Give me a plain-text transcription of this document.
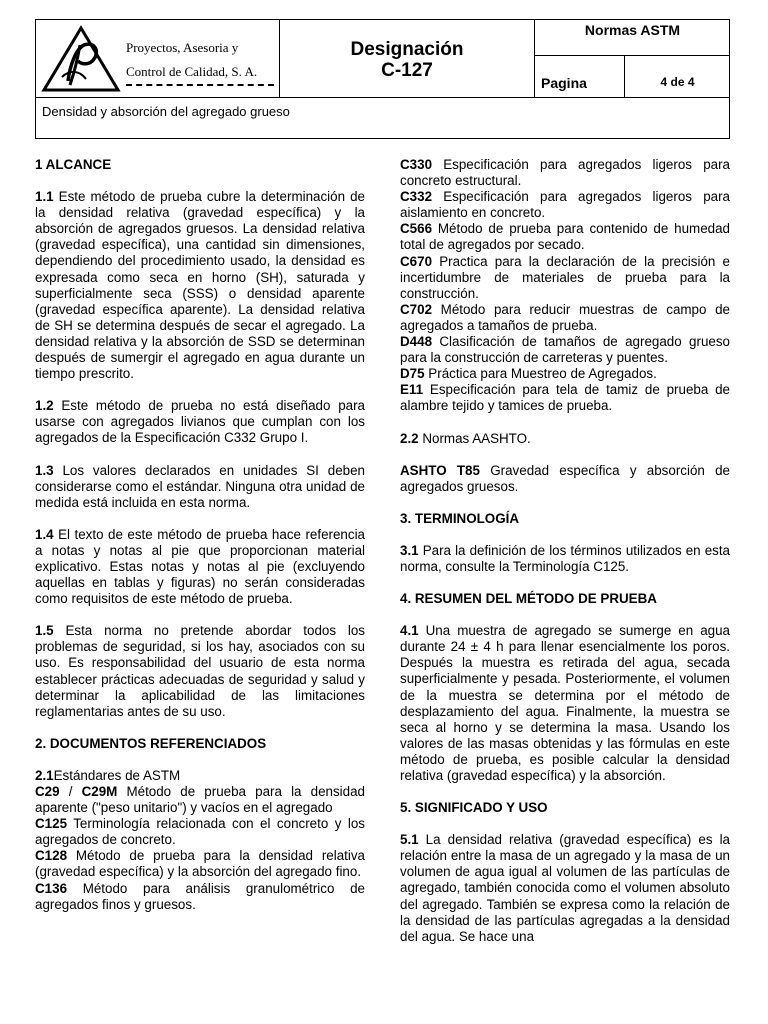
Proyectos, Asesoria y
Control de Calidad, S. A.
Designación
C-127
Normas ASTM
Pagina	4 de 4
Densidad y absorción del agregado grueso
1 ALCANCE

1.1 Este método de prueba cubre la determinación de la densidad relativa (gravedad específica) y la absorción de agregados gruesos. La densidad relativa (gravedad específica), una cantidad sin dimensiones, dependiendo del procedimiento usado, la densidad es expresada como seca en horno (SH), saturada y superficialmente seca (SSS) o densidad aparente (gravedad específica aparente). La densidad relativa de SH se determina después de secar el agregado. La densidad relativa y la absorción de SSD se determinan después de sumergir el agregado en agua durante un tiempo prescrito.

1.2 Este método de prueba no está diseñado para usarse con agregados livianos que cumplan con los agregados de la Especificación C332 Grupo I.

1.3 Los valores declarados en unidades SI deben considerarse como el estándar. Ninguna otra unidad de medida está incluida en esta norma.

1.4 El texto de este método de prueba hace referencia a notas y notas al pie que proporcionan material explicativo. Estas notas y notas al pie (excluyendo aquellas en tablas y figuras) no serán consideradas como requisitos de este método de prueba.

1.5 Esta norma no pretende abordar todos los problemas de seguridad, si los hay, asociados con su uso. Es responsabilidad del usuario de esta norma establecer prácticas adecuadas de seguridad y salud y determinar la aplicabilidad de las limitaciones reglamentarias antes de su uso.

2. DOCUMENTOS REFERENCIADOS

2.1Estándares de ASTM

C29 / C29M Método de prueba para la densidad aparente ("peso unitario") y vacíos en el agregado

C125 Terminología relacionada con el concreto y los agregados de concreto.

C128 Método de prueba para la densidad relativa (gravedad específica) y la absorción del agregado fino.

C136 Método para análisis granulométrico de agregados finos y gruesos.

C330 Especificación para agregados ligeros para concreto estructural.

C332 Especificación para agregados ligeros para aislamiento en concreto.

C566 Método de prueba para contenido de humedad total de agregados por secado.

C670 Practica para la declaración de la precisión e incertidumbre de materiales de prueba para la construcción.

C702 Método para reducir muestras de campo de agregados a tamaños de prueba.

D448 Clasificación de tamaños de agregado grueso para la construcción de carreteras y puentes.

D75 Práctica para Muestreo de Agregados.

E11 Especificación para tela de tamiz de prueba de alambre tejido y tamices de prueba.

2.2 Normas AASHTO.

ASHTO T85 Gravedad específica y absorción de agregados gruesos.

3. TERMINOLOGÍA

3.1 Para la definición de los términos utilizados en esta norma, consulte la Terminología C125.

4. RESUMEN DEL MÉTODO DE PRUEBA

4.1 Una muestra de agregado se sumerge en agua durante 24 ± 4 h para llenar esencialmente los poros. Después la muestra es retirada del agua, secada superficialmente y pesada. Posteriormente, el volumen de la muestra se determina por el método de desplazamiento del agua. Finalmente, la muestra se seca al horno y se determina la masa. Usando los valores de las masas obtenidas y las fórmulas en este método de prueba, es posible calcular la densidad relativa (gravedad específica) y la absorción.

5. SIGNIFICADO Y USO

5.1 La densidad relativa (gravedad específica) es la relación entre la masa de un agregado y la masa de un volumen de agua igual al volumen de las partículas de agregado, también conocida como el volumen absoluto del agregado. También se expresa como la relación de la densidad de las partículas agregadas a la densidad del agua. Se hace una
